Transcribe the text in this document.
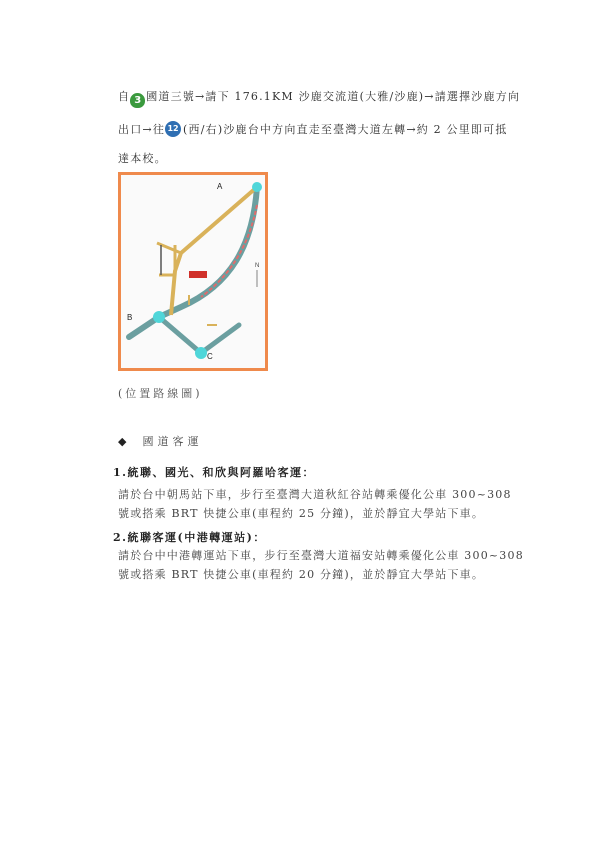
自 3 國道三號→請下 176.1KM 沙鹿交流道(大雅/沙鹿)→請選擇沙鹿方向
出口→往 12 (西/右)沙鹿台中方向直走至臺灣大道左轉→約 2 公里即可抵
達本校。
A
B
C
N
(位置路線圖)
◆ 國道客運
1.統聯、國光、和欣與阿羅哈客運：
請於台中朝馬站下車，步行至臺灣大道秋紅谷站轉乘優化公車 300~308
號或搭乘 BRT 快捷公車(車程約 25 分鐘)，並於靜宜大學站下車。
2.統聯客運(中港轉運站)：
請於台中中港轉運站下車，步行至臺灣大道福安站轉乘優化公車 300~308
號或搭乘 BRT 快捷公車(車程約 20 分鐘)，並於靜宜大學站下車。
